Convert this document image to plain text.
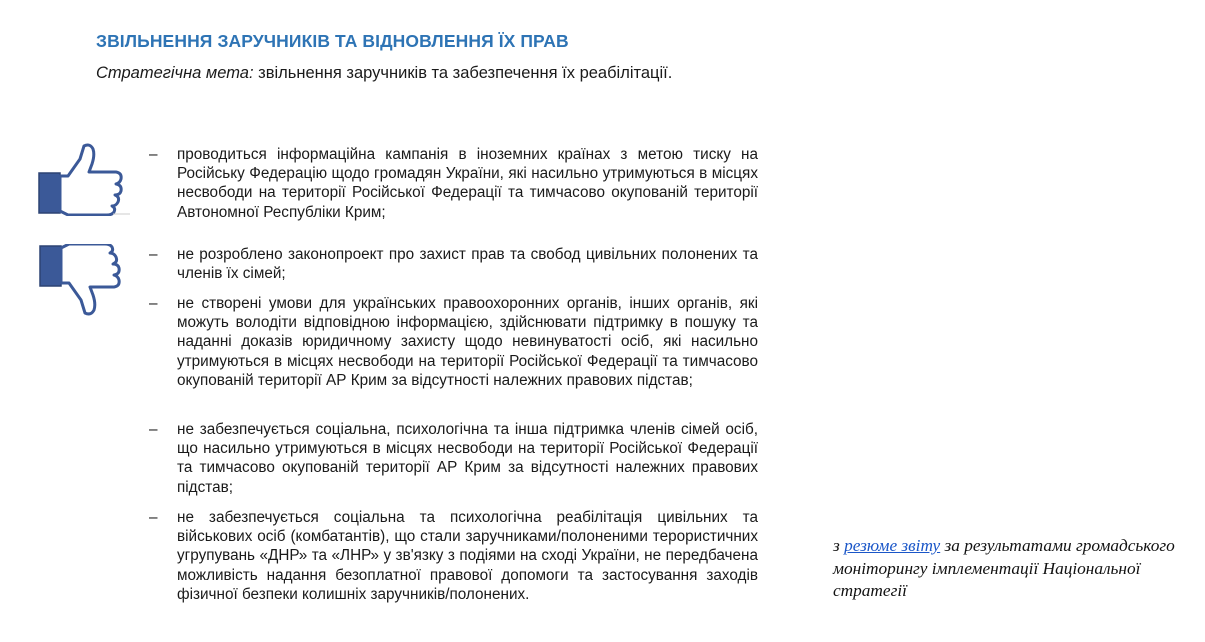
ЗВІЛЬНЕННЯ ЗАРУЧНИКІВ ТА ВІДНОВЛЕННЯ ЇХ ПРАВ
Стратегічна мета: звільнення заручників та забезпечення їх реабілітації.
– проводиться інформаційна кампанія в іноземних країнах з метою тиску на Російську Федерацію щодо громадян України, які насильно утримуються в місцях несвободи на території Російської Федерації та тимчасово окупованій території Автономної Республіки Крим;
– не розроблено законопроект про захист прав та свобод цивільних полонених та членів їх сімей;
– не створені умови для українських правоохоронних органів, інших органів, які можуть володіти відповідною інформацією, здійснювати підтримку в пошуку та наданні доказів юридичному захисту щодо невинуватості осіб, які насильно утримуються в місцях несвободи на території Російської Федерації та тимчасово окупованій території АР Крим за відсутності належних правових підстав;
– не забезпечується соціальна, психологічна та інша підтримка членів сімей осіб, що насильно утримуються в місцях несвободи на території Російської Федерації та тимчасово окупованій території АР Крим за відсутності належних правових підстав;
– не забезпечується соціальна та психологічна реабілітація цивільних та військових осіб (комбатантів), що стали заручниками/полоненими терористичних угрупувань «ДНР» та «ЛНР» у зв'язку з подіями на сході України, не передбачена можливість надання безоплатної правової допомоги та застосування заходів фізичної безпеки колишніх заручників/полонених.
з резюме звіту за результатами громадського моніторингу імплементації Національної стратегії
